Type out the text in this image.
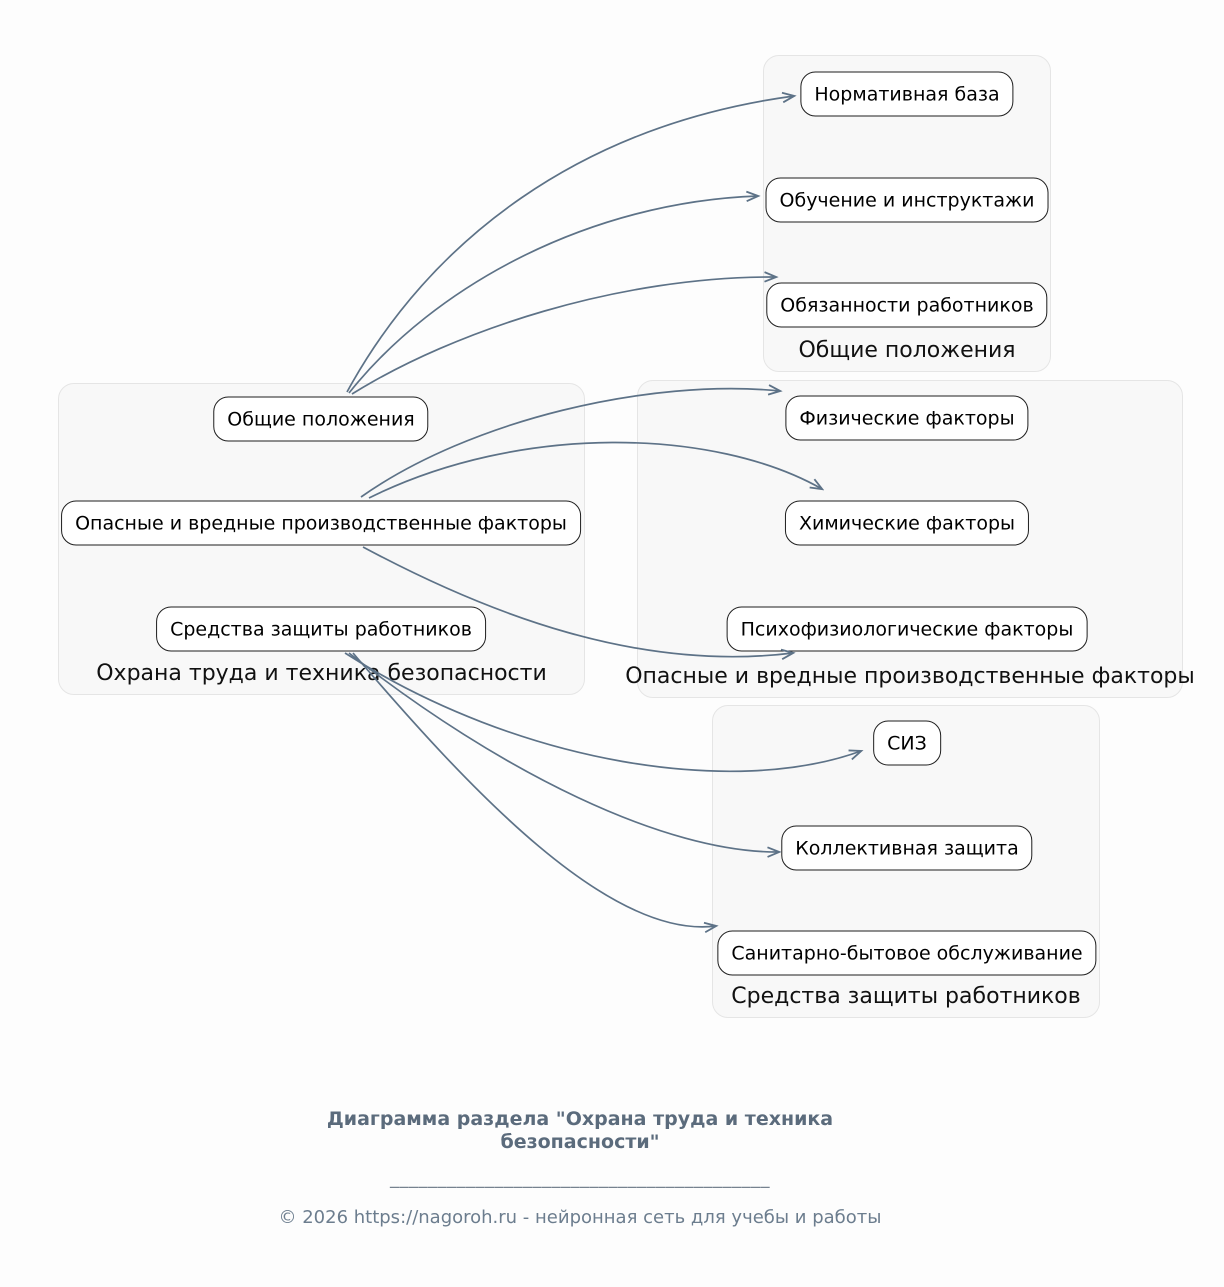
Общие положения
Опасные и вредные производственные факторы
Средства защиты работников
Охрана труда и техника безопасности
Нормативная база
Обучение и инструктажи
Обязанности работников
Общие положения
Физические факторы
Химические факторы
Психофизиологические факторы
Опасные и вредные производственные факторы
СИЗ
Коллективная защита
Санитарно-бытовое обслуживание
Средства защиты работников
Диаграмма раздела "Охрана труда и техника
безопасности"
________________________________________
© 2026 https://nagoroh.ru - нейронная сеть для учебы и работы
